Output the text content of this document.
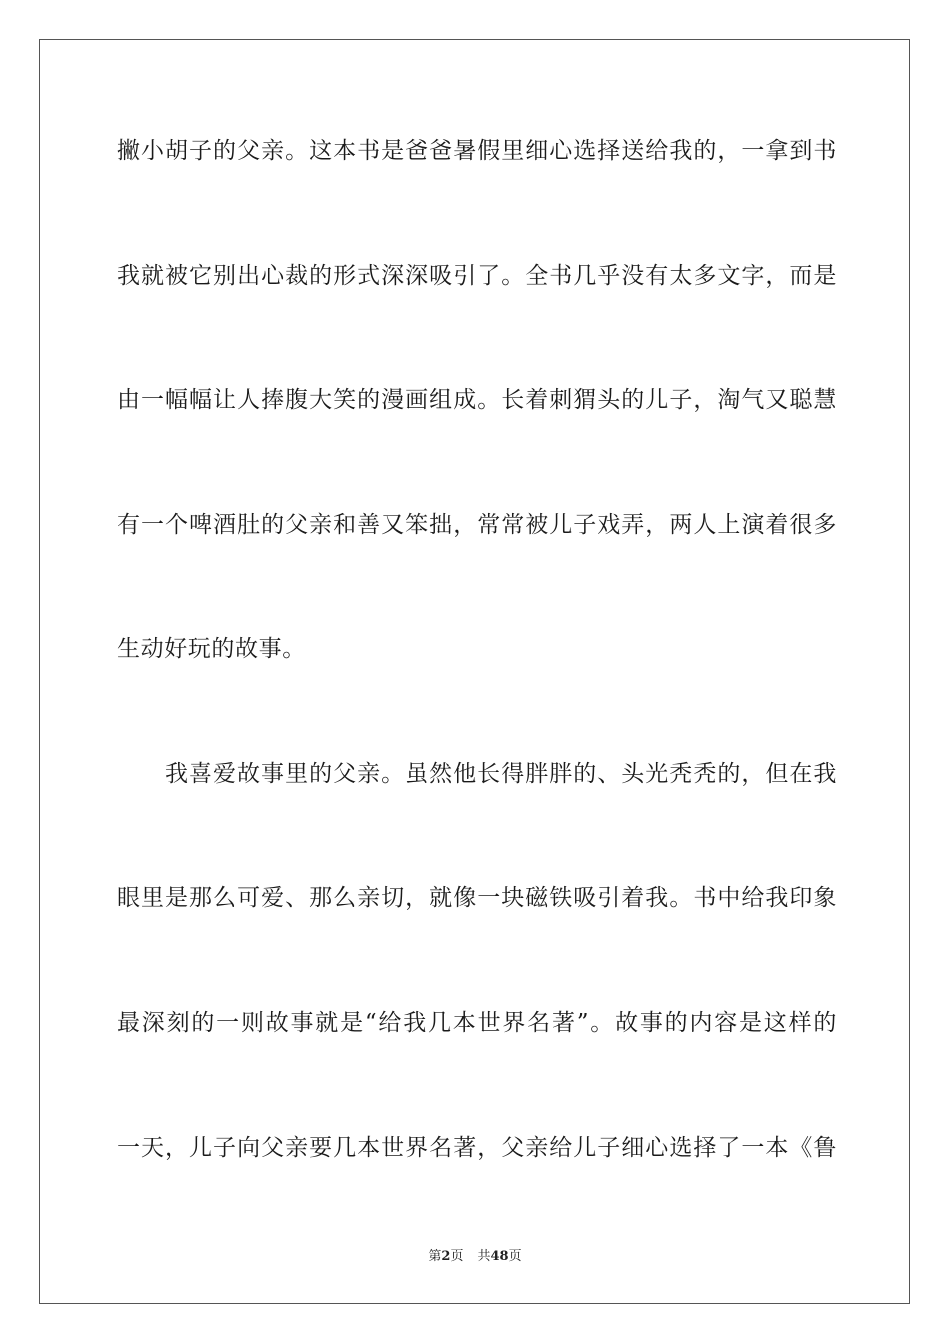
撇小胡子的父亲。这本书是爸爸暑假里细心选择送给我的，一拿到书
我就被它别出心裁的形式深深吸引了。全书几乎没有太多文字，而是
由一幅幅让人捧腹大笑的漫画组成。长着刺猬头的儿子，淘气又聪慧
有一个啤酒肚的父亲和善又笨拙，常常被儿子戏弄，两人上演着很多
生动好玩的故事。
我喜爱故事里的父亲。虽然他长得胖胖的、头光秃秃的，但在我
眼里是那么可爱、那么亲切，就像一块磁铁吸引着我。书中给我印象
最深刻的一则故事就是“给我几本世界名著”。故事的内容是这样的
一天，儿子向父亲要几本世界名著，父亲给儿子细心选择了一本《鲁
第2页 共48页
